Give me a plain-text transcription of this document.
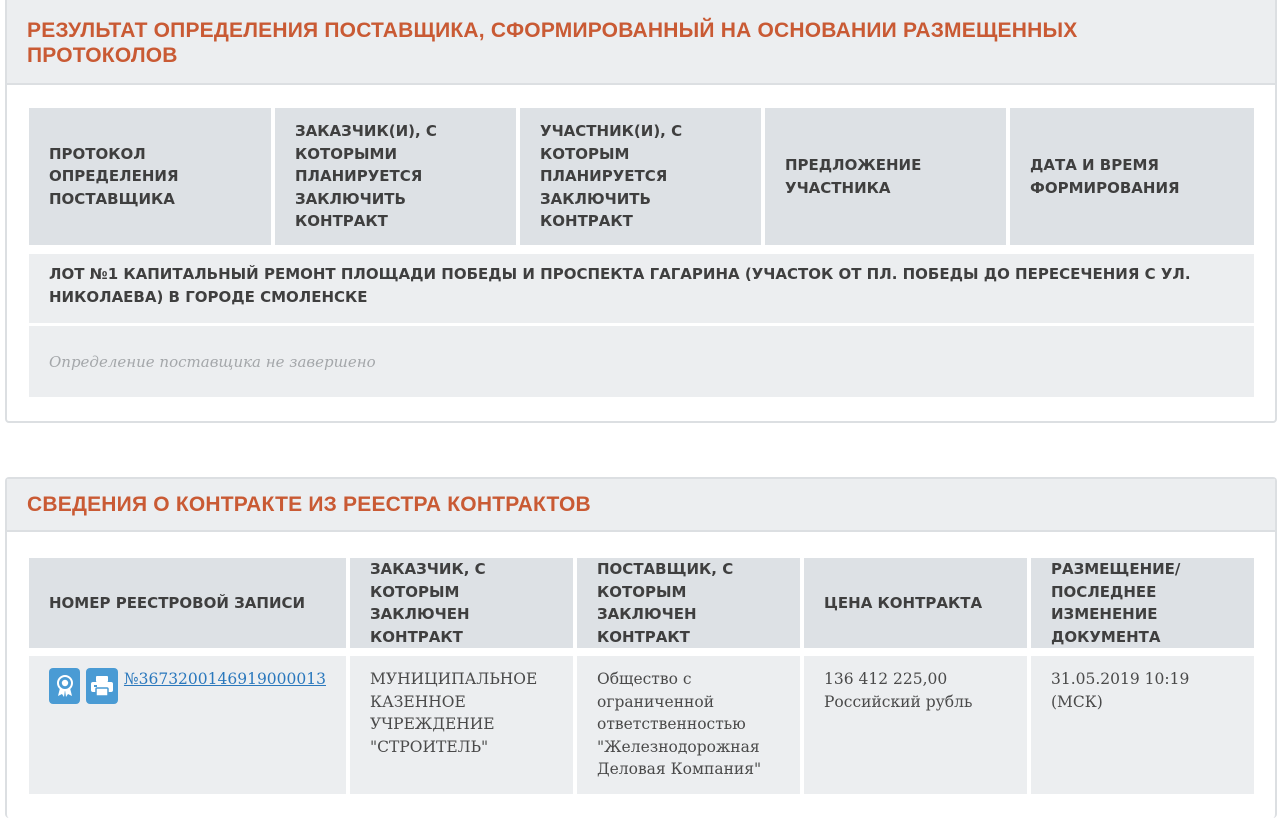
РЕЗУЛЬТАТ ОПРЕДЕЛЕНИЯ ПОСТАВЩИКА, СФОРМИРОВАННЫЙ НА ОСНОВАНИИ РАЗМЕЩЕННЫХ
ПРОТОКОЛОВ
ПРОТОКОЛ
ОПРЕДЕЛЕНИЯ
ПОСТАВЩИКА
ЗАКАЗЧИК(И), С
КОТОРЫМИ
ПЛАНИРУЕТСЯ
ЗАКЛЮЧИТЬ
КОНТРАКТ
УЧАСТНИК(И), С
КОТОРЫМ
ПЛАНИРУЕТСЯ
ЗАКЛЮЧИТЬ
КОНТРАКТ
ПРЕДЛОЖЕНИЕ
УЧАСТНИКА
ДАТА И ВРЕМЯ
ФОРМИРОВАНИЯ
ЛОТ №1 КАПИТАЛЬНЫЙ РЕМОНТ ПЛОЩАДИ ПОБЕДЫ И ПРОСПЕКТА ГАГАРИНА (УЧАСТОК ОТ ПЛ. ПОБЕДЫ ДО ПЕРЕСЕЧЕНИЯ С УЛ.
НИКОЛАЕВА) В ГОРОДЕ СМОЛЕНСКЕ
Определение поставщика не завершено
СВЕДЕНИЯ О КОНТРАКТЕ ИЗ РЕЕСТРА КОНТРАКТОВ
НОМЕР РЕЕСТРОВОЙ ЗАПИСИ
ЗАКАЗЧИК, С КОТОРЫМ
ЗАКЛЮЧЕН КОНТРАКТ
ПОСТАВЩИК, С
КОТОРЫМ ЗАКЛЮЧЕН
КОНТРАКТ
ЦЕНА КОНТРАКТА
РАЗМЕЩЕНИЕ/
ПОСЛЕДНЕЕ
ИЗМЕНЕНИЕ
ДОКУМЕНТА
№3673200146919000013	МУНИЦИПАЛЬНОЕ
КАЗЕННОЕ
УЧРЕЖДЕНИЕ
"СТРОИТЕЛЬ"
Общество с
ограниченной
ответственностью
"Железнодорожная
Деловая Компания"
136 412 225,00
Российский рубль
31.05.2019 10:19 (МСК)
